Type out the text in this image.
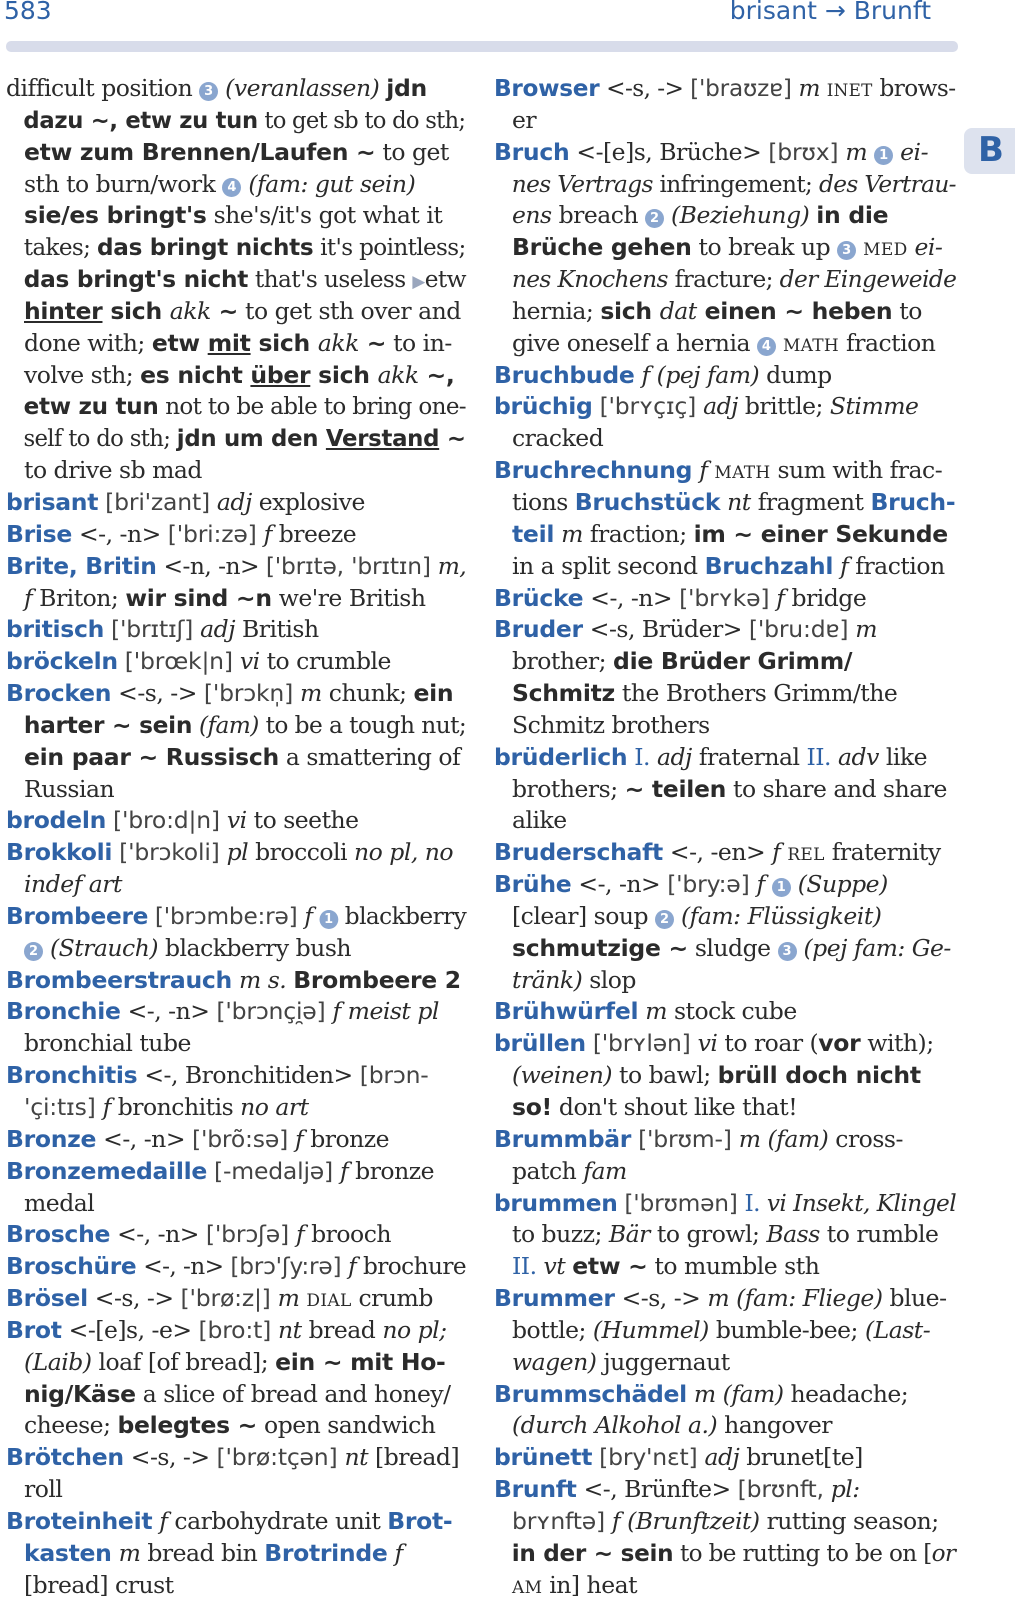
583	brisant → Brunft
B
difficult position 3 (veranlassen) jdn
dazu ~, etw zu tun to get sb to do sth;
etw zum Brennen/Laufen ~ to get
sth to burn/work 4 (fam: gut sein)
sie/es bringt's she's/it's got what it
takes; das bringt nichts it's pointless;
das bringt's nicht that's useless ▶etw
hinter sich akk ~ to get sth over and
done with; etw mit sich akk ~ to in-
volve sth; es nicht über sich akk ~,
etw zu tun not to be able to bring one-
self to do sth; jdn um den Verstand ~
to drive sb mad
brisant [bri'zant] adj explosive
Brise <-, -n> ['bri:zə] f breeze
Brite, Britin <-n, -n> ['brɪtə, 'brɪtɪn] m,
f Briton; wir sind ~n we're British
britisch ['brɪtɪʃ] adj British
bröckeln ['brœk|n] vi to crumble
Brocken <-s, -> ['brɔkn̩] m chunk; ein
harter ~ sein (fam) to be a tough nut;
ein paar ~ Russisch a smattering of
Russian
brodeln ['bro:d|n] vi to seethe
Brokkoli ['brɔkoli] pl broccoli no pl, no
indef art
Brombeere ['brɔmbe:rə] f 1 blackberry
2 (Strauch) blackberry bush
Brombeerstrauch m s. Brombeere 2
Bronchie <-, -n> ['brɔnçi̯ə] f meist pl
bronchial tube
Bronchitis <-, Bronchitiden> [brɔn-
'çi:tɪs] f bronchitis no art
Bronze <-, -n> ['brõ:sə] f bronze
Bronzemedaille [-medaljə] f bronze
medal
Brosche <-, -n> ['brɔʃə] f brooch
Broschüre <-, -n> [brɔ'ʃy:rə] f brochure
Brösel <-s, -> ['brø:z|] m DIAL crumb
Brot <-[e]s, -e> [bro:t] nt bread no pl;
(Laib) loaf [of bread]; ein ~ mit Ho-
nig/Käse a slice of bread and honey/
cheese; belegtes ~ open sandwich
Brötchen <-s, -> ['brø:tçən] nt [bread]
roll
Broteinheit f carbohydrate unit Brot-
kasten m bread bin Brotrinde f
[bread] crust
Browser <-s, -> ['braʊzɐ] m INET brows-
er
Bruch <-[e]s, Brüche> [brʊx] m 1 ei-
nes Vertrags infringement; des Vertrau-
ens breach 2 (Beziehung) in die
Brüche gehen to break up 3 MED ei-
nes Knochens fracture; der Eingeweide
hernia; sich dat einen ~ heben to
give oneself a hernia 4 MATH fraction
Bruchbude f (pej fam) dump
brüchig ['brʏçɪç] adj brittle; Stimme
cracked
Bruchrechnung f MATH sum with frac-
tions Bruchstück nt fragment Bruch-
teil m fraction; im ~ einer Sekunde
in a split second Bruchzahl f fraction
Brücke <-, -n> ['brʏkə] f bridge
Bruder <-s, Brüder> ['bru:dɐ] m
brother; die Brüder Grimm/
Schmitz the Brothers Grimm/the
Schmitz brothers
brüderlich I. adj fraternal II. adv like
brothers; ~ teilen to share and share
alike
Bruderschaft <-, -en> f REL fraternity
Brühe <-, -n> ['bry:ə] f 1 (Suppe)
[clear] soup 2 (fam: Flüssigkeit)
schmutzige ~ sludge 3 (pej fam: Ge-
tränk) slop
Brühwürfel m stock cube
brüllen ['brʏlən] vi to roar (vor with);
(weinen) to bawl; brüll doch nicht
so! don't shout like that!
Brummbär ['brʊm-] m (fam) cross-
patch fam
brummen ['brʊmən] I. vi Insekt, Klingel
to buzz; Bär to growl; Bass to rumble
II. vt etw ~ to mumble sth
Brummer <-s, -> m (fam: Fliege) blue-
bottle; (Hummel) bumble-bee; (Last-
wagen) juggernaut
Brummschädel m (fam) headache;
(durch Alkohol a.) hangover
brünett [bry'nɛt] adj brunet[te]
Brunft <-, Brünfte> [brʊnft, pl:
brʏnftə] f (Brunftzeit) rutting season;
in der ~ sein to be rutting to be on [or
AM in] heat
